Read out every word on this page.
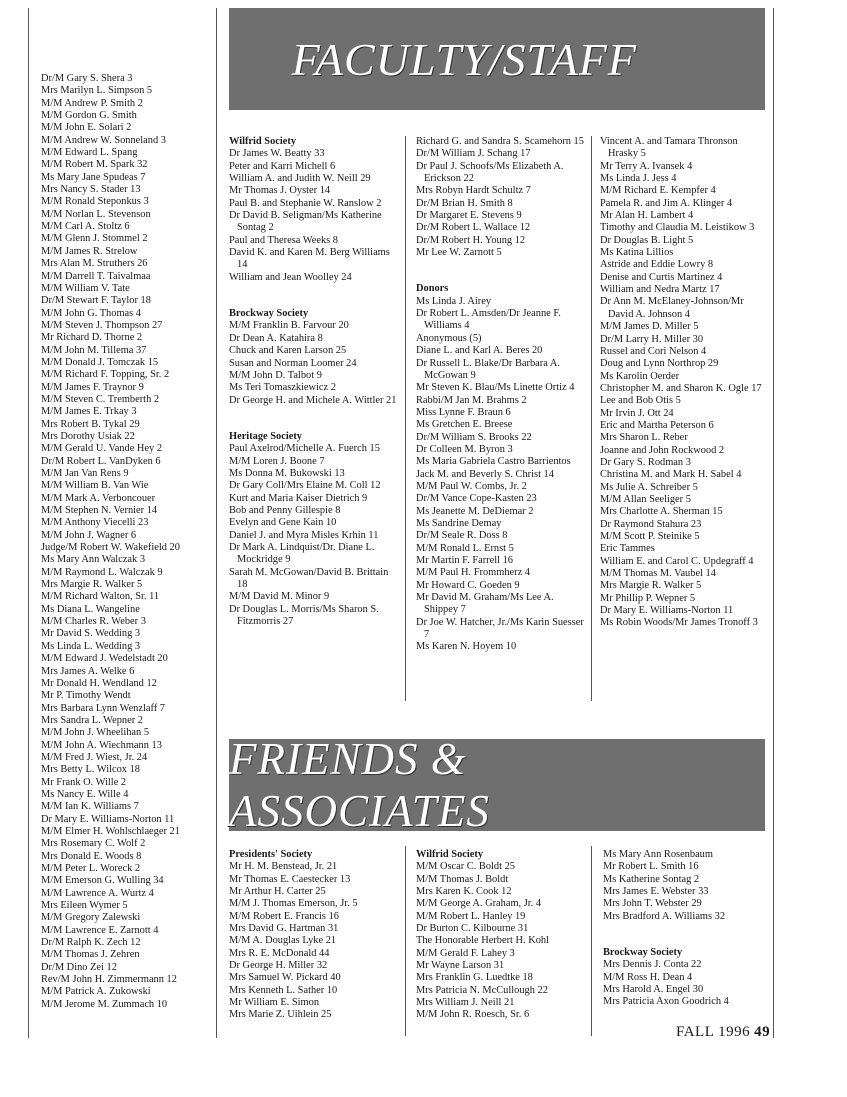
FACULTY/STAFF
FRIENDS & ASSOCIATES
Dr/M Gary S. Shera 3
Mrs Marilyn L. Simpson 5
M/M Andrew P. Smith 2
M/M Gordon G. Smith
M/M John E. Solari 2
M/M Andrew W. Sonneland 3
M/M Edward L. Spang
M/M Robert M. Spark 32
Ms Mary Jane Spudeas 7
Mrs Nancy S. Stader 13
M/M Ronald Steponkus 3
M/M Norlan L. Stevenson
M/M Carl A. Stoltz 6
M/M Glenn J. Stommel 2
M/M James R. Strelow
Mrs Alan M. Struthers 26
M/M Darrell T. Taivalmaa
M/M William V. Tate
Dr/M Stewart F. Taylor 18
M/M John G. Thomas 4
M/M Steven J. Thompson 27
Mr Richard D. Thorne 2
M/M John M. Tillema 37
M/M Donald J. Tomczak 15
M/M Richard F. Topping, Sr. 2
M/M James F. Traynor 9
M/M Steven C. Tremberth 2
M/M James E. Trkay 3
Mrs Robert B. Tykal 29
Mrs Dorothy Usiak 22
M/M Gerald U. Vande Hey 2
Dr/M Robert L. VanDyken 6
M/M Jan Van Rens 9
M/M William B. Van Wie
M/M Mark A. Verboncouer
M/M Stephen N. Vernier 14
M/M Anthony Viecelli 23
M/M John J. Wagner 6
Judge/M Robert W. Wakefield 20
Ms Mary Ann Walczak 3
M/M Raymond L. Walczak 9
Mrs Margie R. Walker 5
M/M Richard Walton, Sr. 11
Ms Diana L. Wangeline
M/M Charles R. Weber 3
Mr David S. Wedding 3
Ms Linda L. Wedding 3
M/M Edward J. Wedelstadt 20
Mrs James A. Welke 6
Mr Donald H. Wendland 12
Mr P. Timothy Wendt
Mrs Barbara Lynn Wenzlaff 7
Mrs Sandra L. Wepner 2
M/M John J. Wheelihan 5
M/M John A. Wiechmann 13
M/M Fred J. Wiest, Jr. 24
Mrs Betty L. Wilcox 18
Mr Frank O. Wille 2
Ms Nancy E. Wille 4
M/M Ian K. Williams 7
Dr Mary E. Williams-Norton 11
M/M Elmer H. Wohlschlaeger 21
Mrs Rosemary C. Wolf 2
Mrs Donald E. Woods 8
M/M Peter L. Woreck 2
M/M Emerson G. Wulling 34
M/M Lawrence A. Wurtz 4
Mrs Eileen Wymer 5
M/M Gregory Zalewski
M/M Lawrence E. Zarnott 4
Dr/M Ralph K. Zech 12
M/M Thomas J. Zehren
Dr/M Dino Zei 12
Rev/M John H. Zimmermann 12
M/M Patrick A. Zukowski
M/M Jerome M. Zummach 10
Wilfrid Society
Dr James W. Beatty 33
Peter and Karri Michell 6
William A. and Judith W. Neill 29
Mr Thomas J. Oyster 14
Paul B. and Stephanie W. Ranslow 2
Dr David B. Seligman/Ms Katherine Sontag 2
Paul and Theresa Weeks 8
David K. and Karen M. Berg Williams 14
William and Jean Woolley 24
Brockway Society
M/M Franklin B. Farvour 20
Dr Dean A. Katahira 8
Chuck and Karen Larson 25
Susan and Norman Loomer 24
M/M John D. Talbot 9
Ms Teri Tomaszkiewicz 2
Dr George H. and Michele A. Wittler 21
Heritage Society
Paul Axelrod/Michelle A. Fuerch 15
M/M Loren J. Boone 7
Ms Donna M. Bukowski 13
Dr Gary Coll/Mrs Elaine M. Coll 12
Kurt and Maria Kaiser Dietrich 9
Bob and Penny Gillespie 8
Evelyn and Gene Kain 10
Daniel J. and Myra Misles Krhin 11
Dr Mark A. Lindquist/Dr. Diane L. Mockridge 9
Sarah M. McGowan/David B. Brittain 18
M/M David M. Minor 9
Dr Douglas L. Morris/Ms Sharon S. Fitzmorris 27
Richard G. and Sandra S. Scamehorn 15
Dr/M William J. Schang 17
Dr Paul J. Schoofs/Ms Elizabeth A. Erickson 22
Mrs Robyn Hardt Schultz 7
Dr/M Brian H. Smith 8
Dr Margaret E. Stevens 9
Dr/M Robert L. Wallace 12
Dr/M Robert H. Young 12
Mr Lee W. Zarnott 5
Donors
Ms Linda J. Airey
Dr Robert L. Amsden/Dr Jeanne F. Williams 4
Anonymous (5)
Diane L. and Karl A. Beres 20
Dr Russell L. Blake/Dr Barbara A. McGowan 9
Mr Steven K. Blau/Ms Linette Ortiz 4
Rabbi/M Jan M. Brahms 2
Miss Lynne F. Braun 6
Ms Gretchen E. Breese
Dr/M William S. Brooks 22
Dr Colleen M. Byron 3
Ms Maria Gabriela Castro Barrientos
Jack M. and Beverly S. Christ 14
M/M Paul W. Combs, Jr. 2
Dr/M Vance Cope-Kasten 23
Ms Jeanette M. DeDiemar 2
Ms Sandrine Demay
Dr/M Seale R. Doss 8
M/M Ronald L. Ernst 5
Mr Martin F. Farrell 16
M/M Paul H. Frommherz 4
Mr Howard C. Goeden 9
Mr David M. Graham/Ms Lee A. Shippey 7
Dr Joe W. Hatcher, Jr./Ms Karin Suesser 7
Ms Karen N. Hoyem 10
Vincent A. and Tamara Thronson Hrasky 5
Mr Terry A. Ivansek 4
Ms Linda J. Jess 4
M/M Richard E. Kempfer 4
Pamela R. and Jim A. Klinger 4
Mr Alan H. Lambert 4
Timothy and Claudia M. Leistikow 3
Dr Douglas B. Light 5
Ms Katina Lillios
Astride and Eddie Lowry 8
Denise and Curtis Martinez 4
William and Nedra Martz 17
Dr Ann M. McElaney-Johnson/Mr David A. Johnson 4
M/M James D. Miller 5
Dr/M Larry H. Miller 30
Russel and Cori Nelson 4
Doug and Lynn Northrop 29
Ms Karolin Oerder
Christopher M. and Sharon K. Ogle 17
Lee and Bob Otis 5
Mr Irvin J. Ott 24
Eric and Martha Peterson 6
Mrs Sharon L. Reber
Joanne and John Rockwood 2
Dr Gary S. Rodman 3
Christina M. and Mark H. Sabel 4
Ms Julie A. Schreiber 5
M/M Allan Seeliger 5
Mrs Charlotte A. Sherman 15
Dr Raymond Stahura 23
M/M Scott P. Steinike 5
Eric Tammes
William E. and Carol C. Updegraff 4
M/M Thomas M. Vaubel 14
Mrs Margie R. Walker 5
Mr Phillip P. Wepner 5
Dr Mary E. Williams-Norton 11
Ms Robin Woods/Mr James Tronoff 3
Presidents' Society
Mr H. M. Benstead, Jr. 21
Mr Thomas E. Caestecker 13
Mr Arthur H. Carter 25
M/M J. Thomas Emerson, Jr. 5
M/M Robert E. Francis 16
Mrs David G. Hartman 31
M/M A. Douglas Lyke 21
Mrs R. E. McDonald 44
Dr George H. Miller 32
Mrs Samuel W. Pickard 40
Mrs Kenneth L. Sather 10
Mr William E. Simon
Mrs Marie Z. Uihlein 25
Wilfrid Society
M/M Oscar C. Boldt 25
M/M Thomas J. Boldt
Mrs Karen K. Cook 12
M/M George A. Graham, Jr. 4
M/M Robert L. Hanley 19
Dr Burton C. Kilbourne 31
The Honorable Herbert H. Kohl
M/M Gerald F. Lahey 3
Mr Wayne Larson 31
Mrs Franklin G. Luedtke 18
Mrs Patricia N. McCullough 22
Mrs William J. Neill 21
M/M John R. Roesch, Sr. 6
Ms Mary Ann Rosenbaum
Mr Robert L. Smith 16
Ms Katherine Sontag 2
Mrs James E. Webster 33
Mrs John T. Webster 29
Mrs Bradford A. Williams 32
Brockway Society
Mrs Dennis J. Conta 22
M/M Ross H. Dean 4
Mrs Harold A. Engel 30
Mrs Patricia Axon Goodrich 4
FALL 1996 49
